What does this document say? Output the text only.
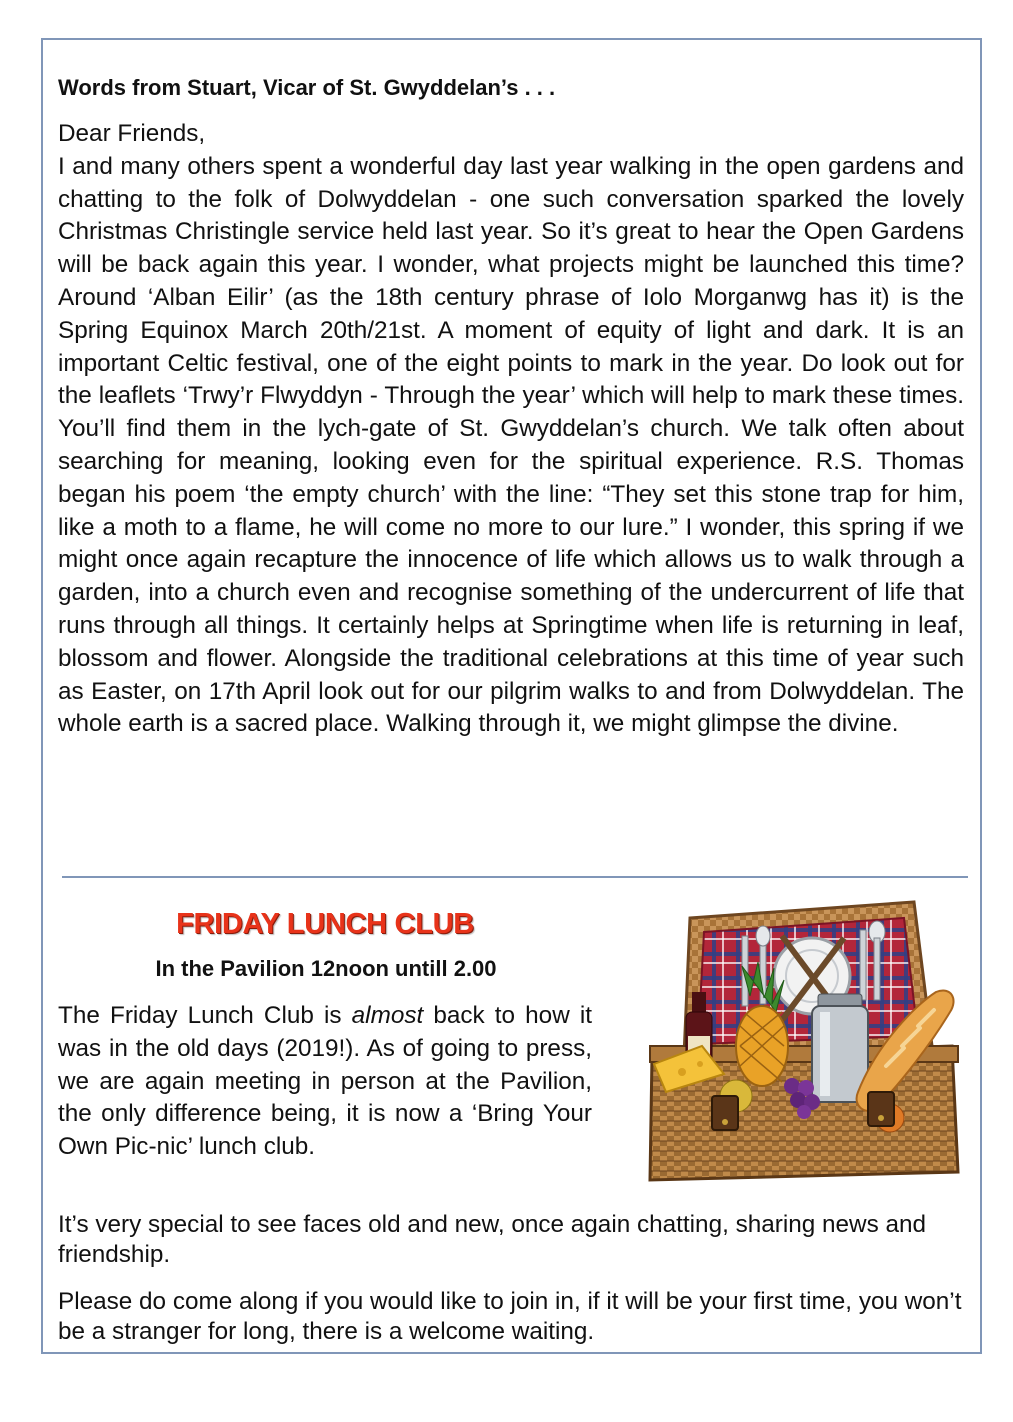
Words from Stuart, Vicar of St. Gwyddelan’s . . .

Dear Friends,

I and many others spent a wonderful day last year walking in the open gardens and chatting to the folk of Dolwyddelan - one such conversation sparked the lovely Christmas Christingle service held last year. So it’s great to hear the Open Gardens will be back again this year. I wonder, what projects might be launched this time? Around ‘Alban Eilir’ (as the 18th century phrase of Iolo Morganwg has it) is the Spring Equinox March 20th/21st. A moment of equity of light and dark. It is an important Celtic festival, one of the eight points to mark in the year. Do look out for the leaflets ‘Trwy’r Flwyddyn - Through the year’ which will help to mark these times. You’ll find them in the lych-gate of St. Gwyddelan’s church. We talk often about searching for meaning, looking even for the spiritual experience. R.S. Thomas began his poem ‘the empty church’ with the line: “They set this stone trap for him, like a moth to a flame, he will come no more to our lure.” I wonder, this spring if we might once again recapture the innocence of life which allows us to walk through a garden, into a church even and recognise something of the undercurrent of life that runs through all things. It certainly helps at Springtime when life is returning in leaf, blossom and flower. Alongside the traditional celebrations at this time of year such as Easter, on 17th April look out for our pilgrim walks to and from Dolwyddelan. The whole earth is a sacred place. Walking through it, we might glimpse the divine.

FRIDAY LUNCH CLUB
In the Pavilion 12noon untill 2.00

The Friday Lunch Club is almost back to how it was in the old days (2019!). As of going to press, we are again meeting in person at the Pavilion, the only difference being, it is now a ‘Bring Your Own Pic-nic’ lunch club.

It’s very special to see faces old and new, once again chatting, sharing news and friendship.

Please do come along if you would like to join in, if it will be your first time, you won’t be a stranger for long, there is a welcome waiting.
